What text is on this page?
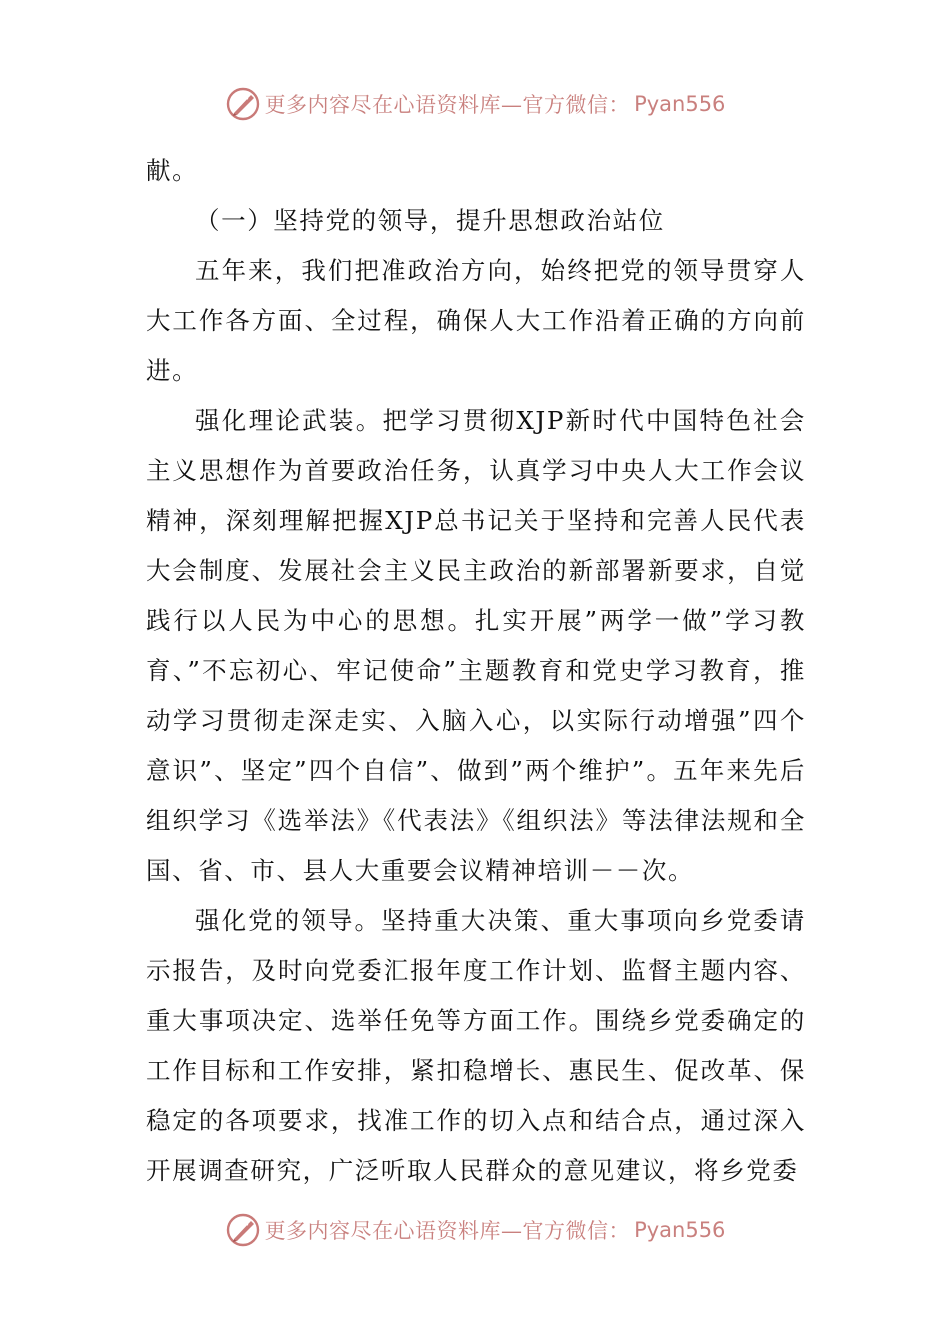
更多内容尽在心语资料库—官方微信： Pyan556

献。

（一）坚持党的领导，提升思想政治站位

五年来，我们把准政治方向，始终把党的领导贯穿人大工作各方面、全过程，确保人大工作沿着正确的方向前进。

强化理论武装。把学习贯彻XJP新时代中国特色社会主义思想作为首要政治任务，认真学习中央人大工作会议精神，深刻理解把握XJP总书记关于坚持和完善人民代表大会制度、发展社会主义民主政治的新部署新要求，自觉践行以人民为中心的思想。扎实开展”两学一做”学习教育、”不忘初心、牢记使命”主题教育和党史学习教育，推动学习贯彻走深走实、入脑入心，以实际行动增强”四个意识”、坚定”四个自信”、做到”两个维护”。五年来先后组织学习《选举法》《代表法》《组织法》等法律法规和全国、省、市、县人大重要会议精神培训－－次。

强化党的领导。坚持重大决策、重大事项向乡党委请示报告，及时向党委汇报年度工作计划、监督主题内容、重大事项决定、选举任免等方面工作。围绕乡党委确定的工作目标和工作安排，紧扣稳增长、惠民生、促改革、保稳定的各项要求，找准工作的切入点和结合点，通过深入开展调查研究，广泛听取人民群众的意见建议，将乡党委

更多内容尽在心语资料库—官方微信： Pyan556
